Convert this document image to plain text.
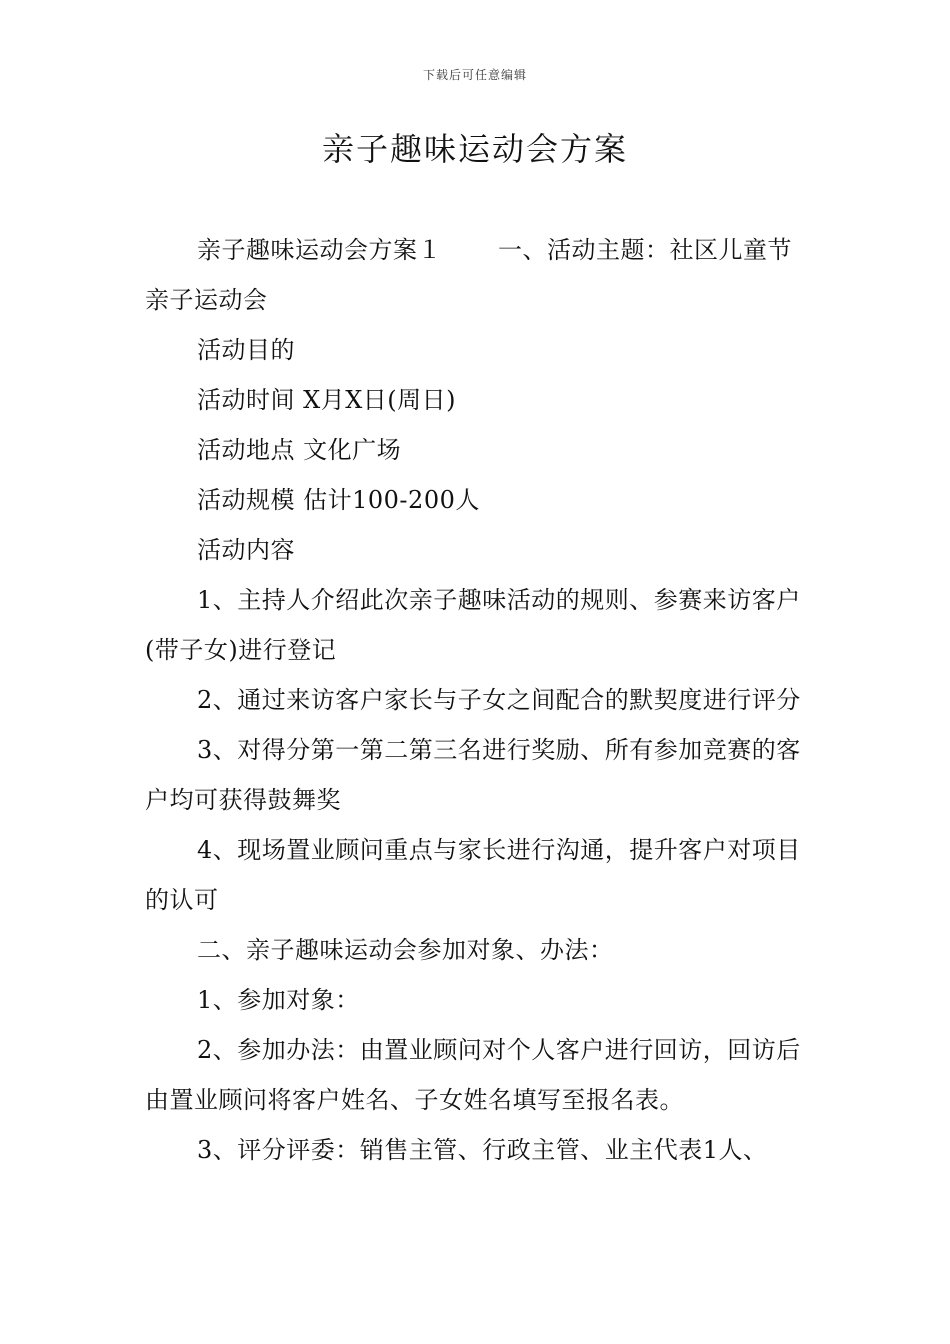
下载后可任意编辑
亲子趣味运动会方案

亲子趣味运动会方案１ 一、活动主题：社区儿童节亲子运动会

活动目的

活动时间 X月X日(周日)

活动地点 文化广场

活动规模 估计100-200人

活动内容

1、主持人介绍此次亲子趣味活动的规则、参赛来访客户(带子女)进行登记

2、通过来访客户家长与子女之间配合的默契度进行评分

3、对得分第一第二第三名进行奖励、所有参加竞赛的客户均可获得鼓舞奖

4、现场置业顾问重点与家长进行沟通，提升客户对项目的认可

二、亲子趣味运动会参加对象、办法：

1、参加对象：

2、参加办法：由置业顾问对个人客户进行回访，回访后由置业顾问将客户姓名、子女姓名填写至报名表。

3、评分评委：销售主管、行政主管、业主代表1人、
